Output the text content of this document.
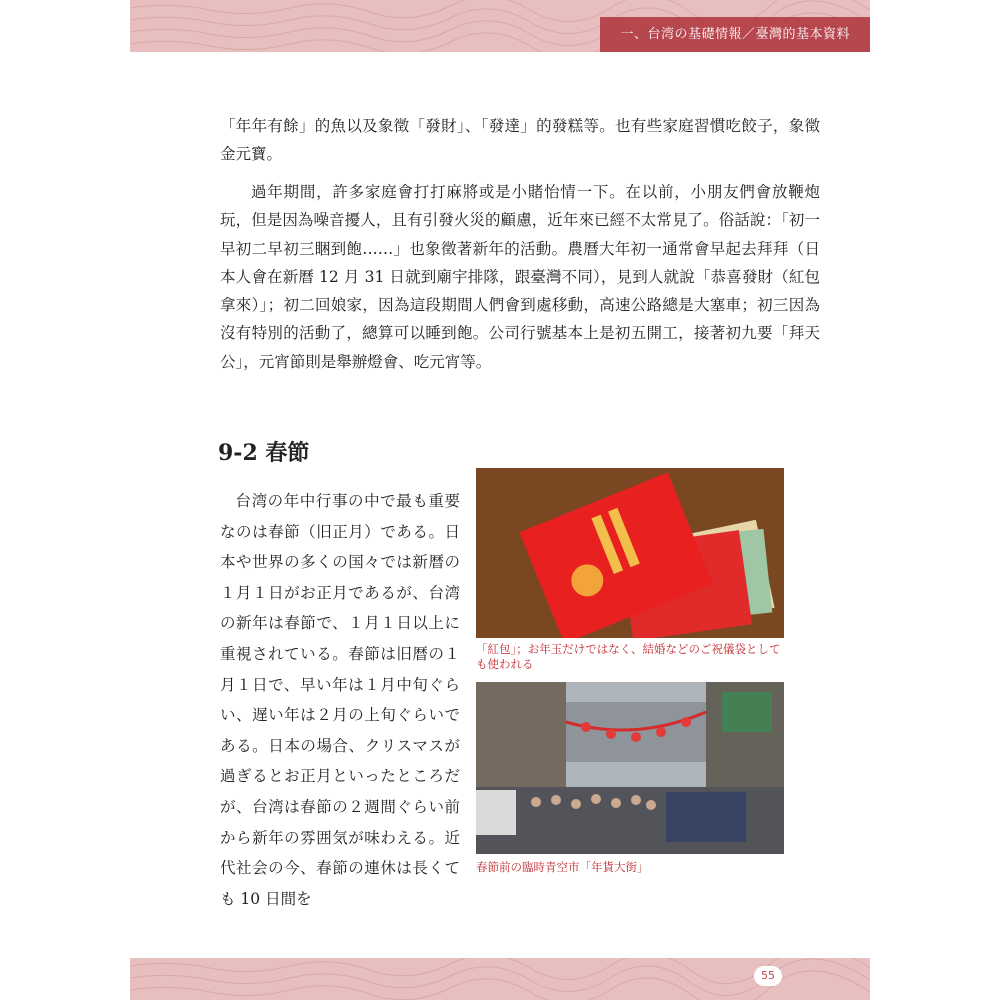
一、台湾の基礎情報／臺灣的基本資料

「年年有餘」的魚以及象徵「發財」、「發達」的發糕等。也有些家庭習慣吃餃子，象徵金元寶。

過年期間，許多家庭會打打麻將或是小賭怡情一下。在以前，小朋友們會放鞭炮玩，但是因為噪音擾人，且有引發火災的顧慮，近年來已經不太常見了。俗話說：「初一早初二早初三睏到飽……」也象徵著新年的活動。農曆大年初一通常會早起去拜拜（日本人會在新曆 12 月 31 日就到廟宇排隊，跟臺灣不同），見到人就說「恭喜發財（紅包拿來）」；初二回娘家，因為這段期間人們會到處移動，高速公路總是大塞車；初三因為沒有特別的活動了，總算可以睡到飽。公司行號基本上是初五開工，接著初九要「拜天公」，元宵節則是舉辦燈會、吃元宵等。

9-2 春節

台湾の年中行事の中で最も重要なのは春節（旧正月）である。日本や世界の多くの国々では新暦の１月１日がお正月であるが、台湾の新年は春節で、１月１日以上に重視されている。春節は旧暦の１月１日で、早い年は１月中旬ぐらい、遅い年は２月の上旬ぐらいである。日本の場合、クリスマスが過ぎるとお正月といったところだが、台湾は春節の２週間ぐらい前から新年の雰囲気が味わえる。近代社会の今、春節の連休は長くても 10 日間を

「紅包」；お年玉だけではなく、結婚などのご祝儀袋としても使われる

春節前の臨時青空市「年貨大街」

55
